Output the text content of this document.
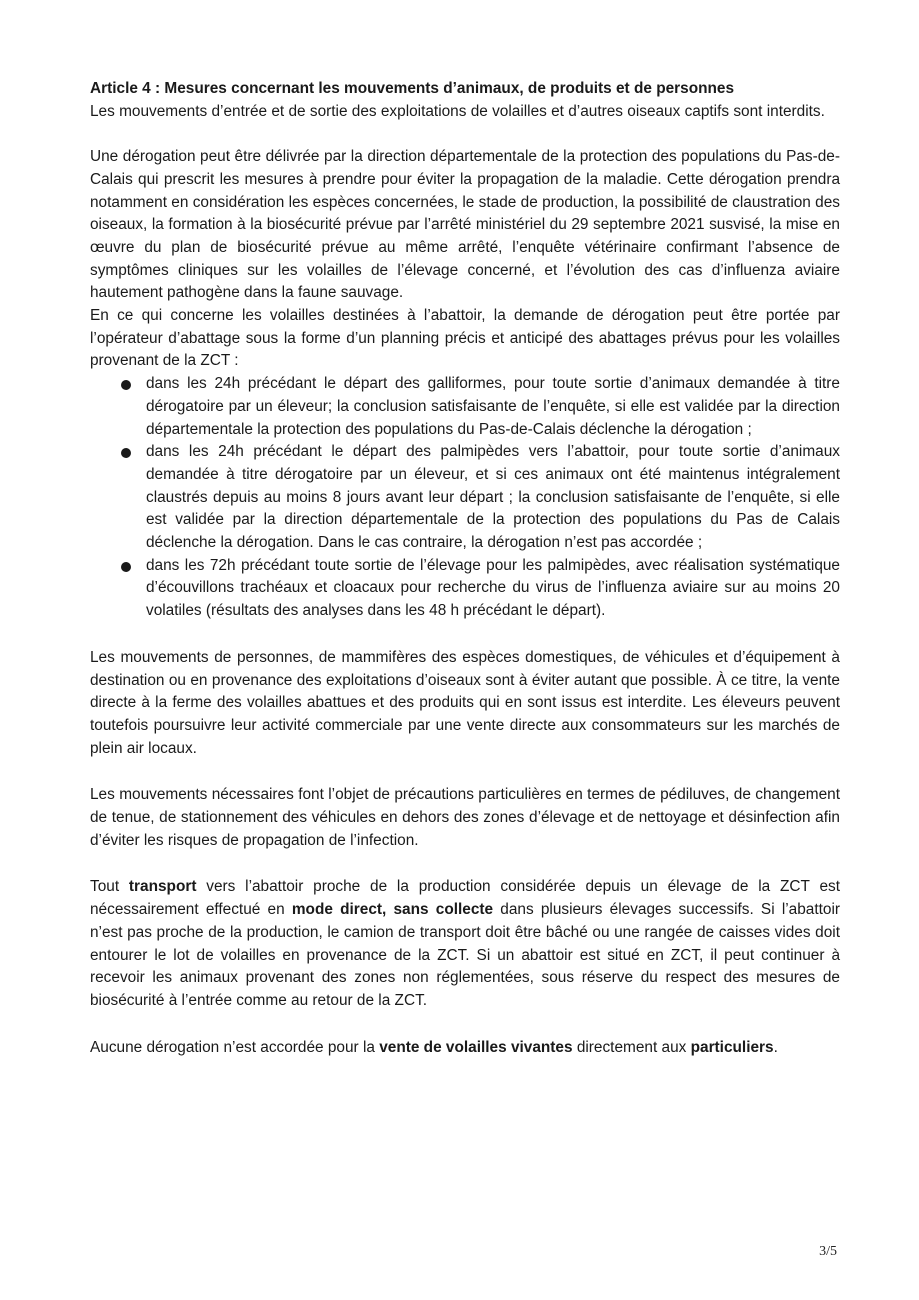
Article 4 : Mesures concernant les mouvements d’animaux, de produits et de personnes

Les mouvements d’entrée et de sortie des exploitations de volailles et d’autres oiseaux captifs sont interdits.

Une dérogation peut être délivrée par la direction départementale de la protection des populations du Pas-de-Calais qui prescrit les mesures à prendre pour éviter la propagation de la maladie. Cette dérogation prendra notamment en considération les espèces concernées, le stade de production, la possibilité de claustration des oiseaux, la formation à la biosécurité prévue par l’arrêté ministériel du 29 septembre 2021 susvisé, la mise en œuvre du plan de biosécurité prévue au même arrêté, l’enquête vétérinaire confirmant l’absence de symptômes cliniques sur les volailles de l’élevage concerné, et l’évolution des cas d’influenza aviaire hautement pathogène dans la faune sauvage.

En ce qui concerne les volailles destinées à l’abattoir, la demande de dérogation peut être portée par l’opérateur d’abattage sous la forme d’un planning précis et anticipé des abattages prévus pour les volailles provenant de la ZCT :

dans les 24h précédant le départ des galliformes, pour toute sortie d’animaux demandée à titre dérogatoire par un éleveur; la conclusion satisfaisante de l’enquête, si elle est validée par la direction départementale la protection des populations du Pas-de-Calais déclenche la dérogation ;
dans les 24h précédant le départ des palmipèdes vers l’abattoir, pour toute sortie d’animaux demandée à titre dérogatoire par un éleveur, et si ces animaux ont été maintenus intégralement claustrés depuis au moins 8 jours avant leur départ ; la conclusion satisfaisante de l’enquête, si elle est validée par la direction départementale de la protection des populations du Pas de Calais déclenche la dérogation. Dans le cas contraire, la dérogation n’est pas accordée ;
dans les 72h précédant toute sortie de l’élevage pour les palmipèdes, avec réalisation systématique d’écouvillons trachéaux et cloacaux pour recherche du virus de l’influenza aviaire sur au moins 20 volatiles (résultats des analyses dans les 48 h précédant le départ).

Les mouvements de personnes, de mammifères des espèces domestiques, de véhicules et d’équipement à destination ou en provenance des exploitations d’oiseaux sont à éviter autant que possible. À ce titre, la vente directe à la ferme des volailles abattues et des produits qui en sont issus est interdite. Les éleveurs peuvent toutefois poursuivre leur activité commerciale par une vente directe aux consommateurs sur les marchés de plein air locaux.

Les mouvements nécessaires font l’objet de précautions particulières en termes de pédiluves, de changement de tenue, de stationnement des véhicules en dehors des zones d’élevage et de nettoyage et désinfection afin d’éviter les risques de propagation de l’infection.

Tout transport vers l’abattoir proche de la production considérée depuis un élevage de la ZCT est nécessairement effectué en mode direct, sans collecte dans plusieurs élevages successifs. Si l’abattoir n’est pas proche de la production, le camion de transport doit être bâché ou une rangée de caisses vides doit entourer le lot de volailles en provenance de la ZCT. Si un abattoir est situé en ZCT, il peut continuer à recevoir les animaux provenant des zones non réglementées, sous réserve du respect des mesures de biosécurité à l’entrée comme au retour de la ZCT.

Aucune dérogation n’est accordée pour la vente de volailles vivantes directement aux particuliers.

3/5
